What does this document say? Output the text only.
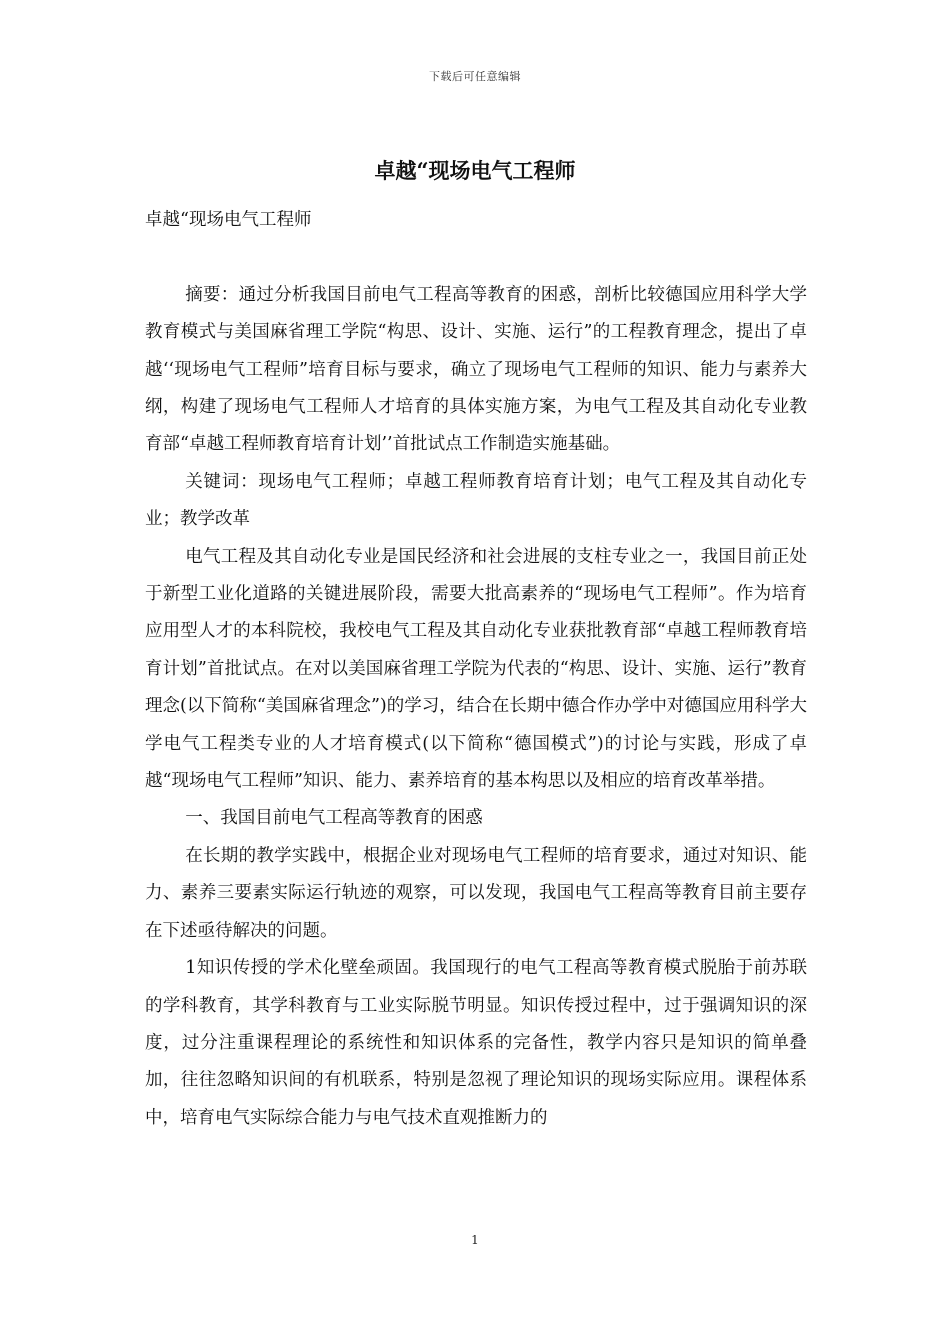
下载后可任意编辑
卓越“现场电气工程师

卓越“现场电气工程师

摘要：通过分析我国目前电气工程高等教育的困惑，剖析比较德国应用科学大学教育模式与美国麻省理工学院“构思、设计、实施、运行”的工程教育理念，提出了卓越‘‘现场电气工程师”培育目标与要求，确立了现场电气工程师的知识、能力与素养大纲，构建了现场电气工程师人才培育的具体实施方案，为电气工程及其自动化专业教育部“卓越工程师教育培育计划’’首批试点工作制造实施基础。

关键词：现场电气工程师；卓越工程师教育培育计划；电气工程及其自动化专业；教学改革

电气工程及其自动化专业是国民经济和社会进展的支柱专业之一，我国目前正处于新型工业化道路的关键进展阶段，需要大批高素养的“现场电气工程师”。作为培育应用型人才的本科院校，我校电气工程及其自动化专业获批教育部“卓越工程师教育培育计划”首批试点。在对以美国麻省理工学院为代表的“构思、设计、实施、运行”教育理念(以下简称“美国麻省理念”)的学习，结合在长期中德合作办学中对德国应用科学大学电气工程类专业的人才培育模式(以下简称“德国模式”)的讨论与实践，形成了卓越“现场电气工程师”知识、能力、素养培育的基本构思以及相应的培育改革举措。

一、我国目前电气工程高等教育的困惑

在长期的教学实践中，根据企业对现场电气工程师的培育要求，通过对知识、能力、素养三要素实际运行轨迹的观察，可以发现，我国电气工程高等教育目前主要存在下述亟待解决的问题。

1知识传授的学术化壁垒顽固。我国现行的电气工程高等教育模式脱胎于前苏联的学科教育，其学科教育与工业实际脱节明显。知识传授过程中，过于强调知识的深度，过分注重课程理论的系统性和知识体系的完备性，教学内容只是知识的简单叠加，往往忽略知识间的有机联系，特别是忽视了理论知识的现场实际应用。课程体系中，培育电气实际综合能力与电气技术直观推断力的

1
